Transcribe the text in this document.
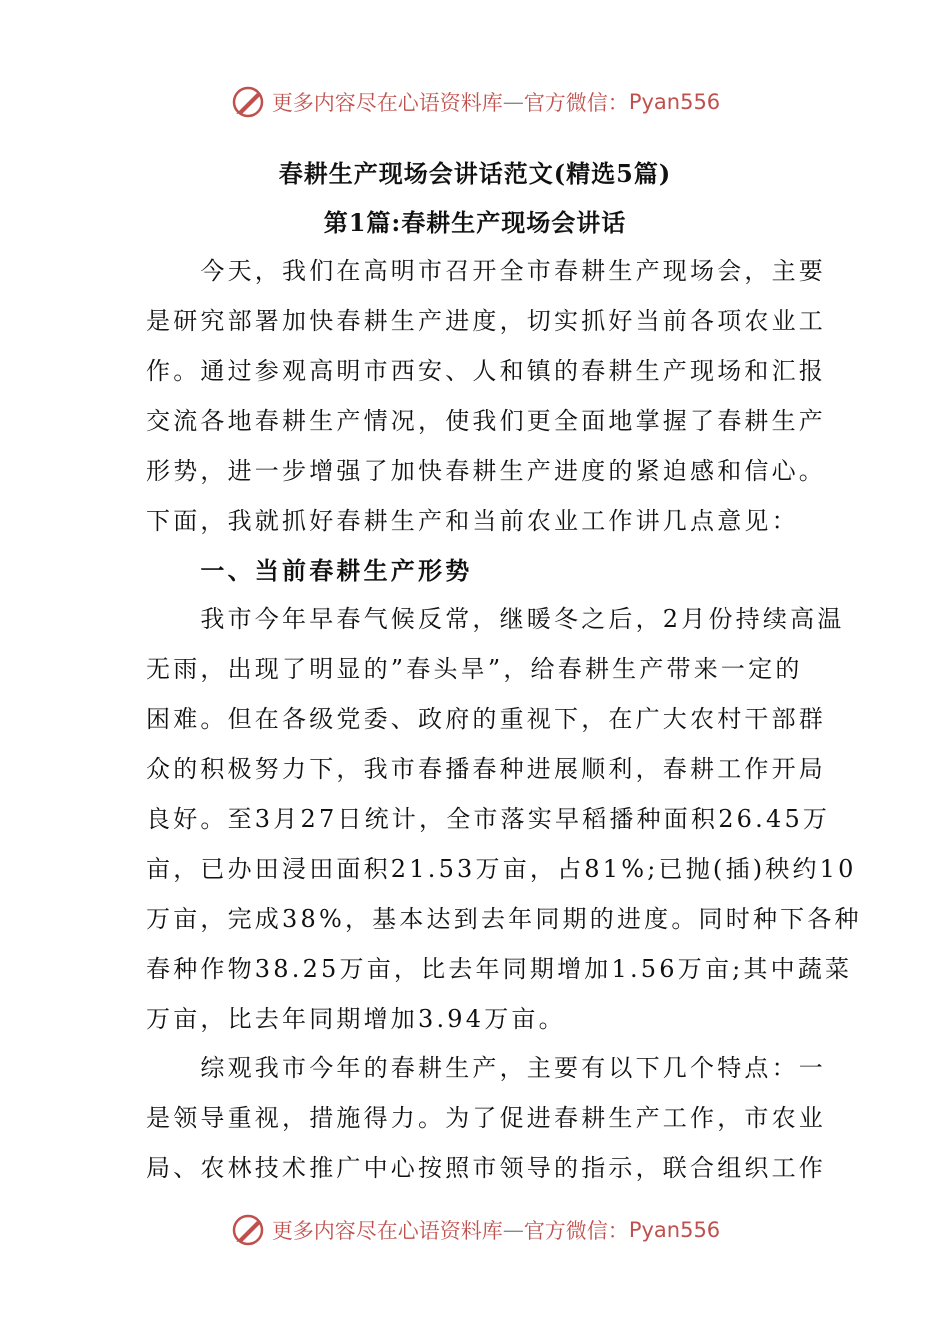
更多内容尽在心语资料库 — 官方微信： Pyan556
春耕生产现场会讲话范文(精选5篇)
第1篇:春耕生产现场会讲话

　　今天，我们在高明市召开全市春耕生产现场会，主要
是研究部署加快春耕生产进度，切实抓好当前各项农业工
作。通过参观高明市西安、人和镇的春耕生产现场和汇报
交流各地春耕生产情况，使我们更全面地掌握了春耕生产
形势，进一步增强了加快春耕生产进度的紧迫感和信心。
下面，我就抓好春耕生产和当前农业工作讲几点意见：

　　一、当前春耕生产形势

　　我市今年早春气候反常，继暖冬之后，2月份持续高温
无雨，出现了明显的”春头旱”，给春耕生产带来一定的
困难。但在各级党委、政府的重视下，在广大农村干部群
众的积极努力下，我市春播春种进展顺利，春耕工作开局
良好。至3月27日统计，全市落实早稻播种面积26.45万
亩，已办田浸田面积21.53万亩，占81%;已抛(插)秧约10
万亩，完成38%，基本达到去年同期的进度。同时种下各种
春种作物38.25万亩，比去年同期增加1.56万亩;其中蔬菜
万亩，比去年同期增加3.94万亩。

　　综观我市今年的春耕生产，主要有以下几个特点：一
是领导重视，措施得力。为了促进春耕生产工作，市农业
局、农林技术推广中心按照市领导的指示，联合组织工作

更多内容尽在心语资料库 — 官方微信： Pyan556
